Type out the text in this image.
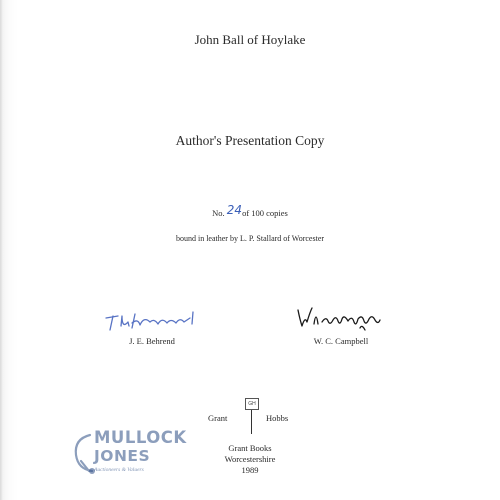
John Ball of Hoylake
Author's Presentation Copy
No. 24of 100 copies
bound in leather by L. P. Stallard of Worcester
J. E. Behrend	W. C. Campbell
Grant
GH
Hobbs
Grant Books
Worcestershire
1989
MULLOCK
JONES
Auctioneers & Valuers
